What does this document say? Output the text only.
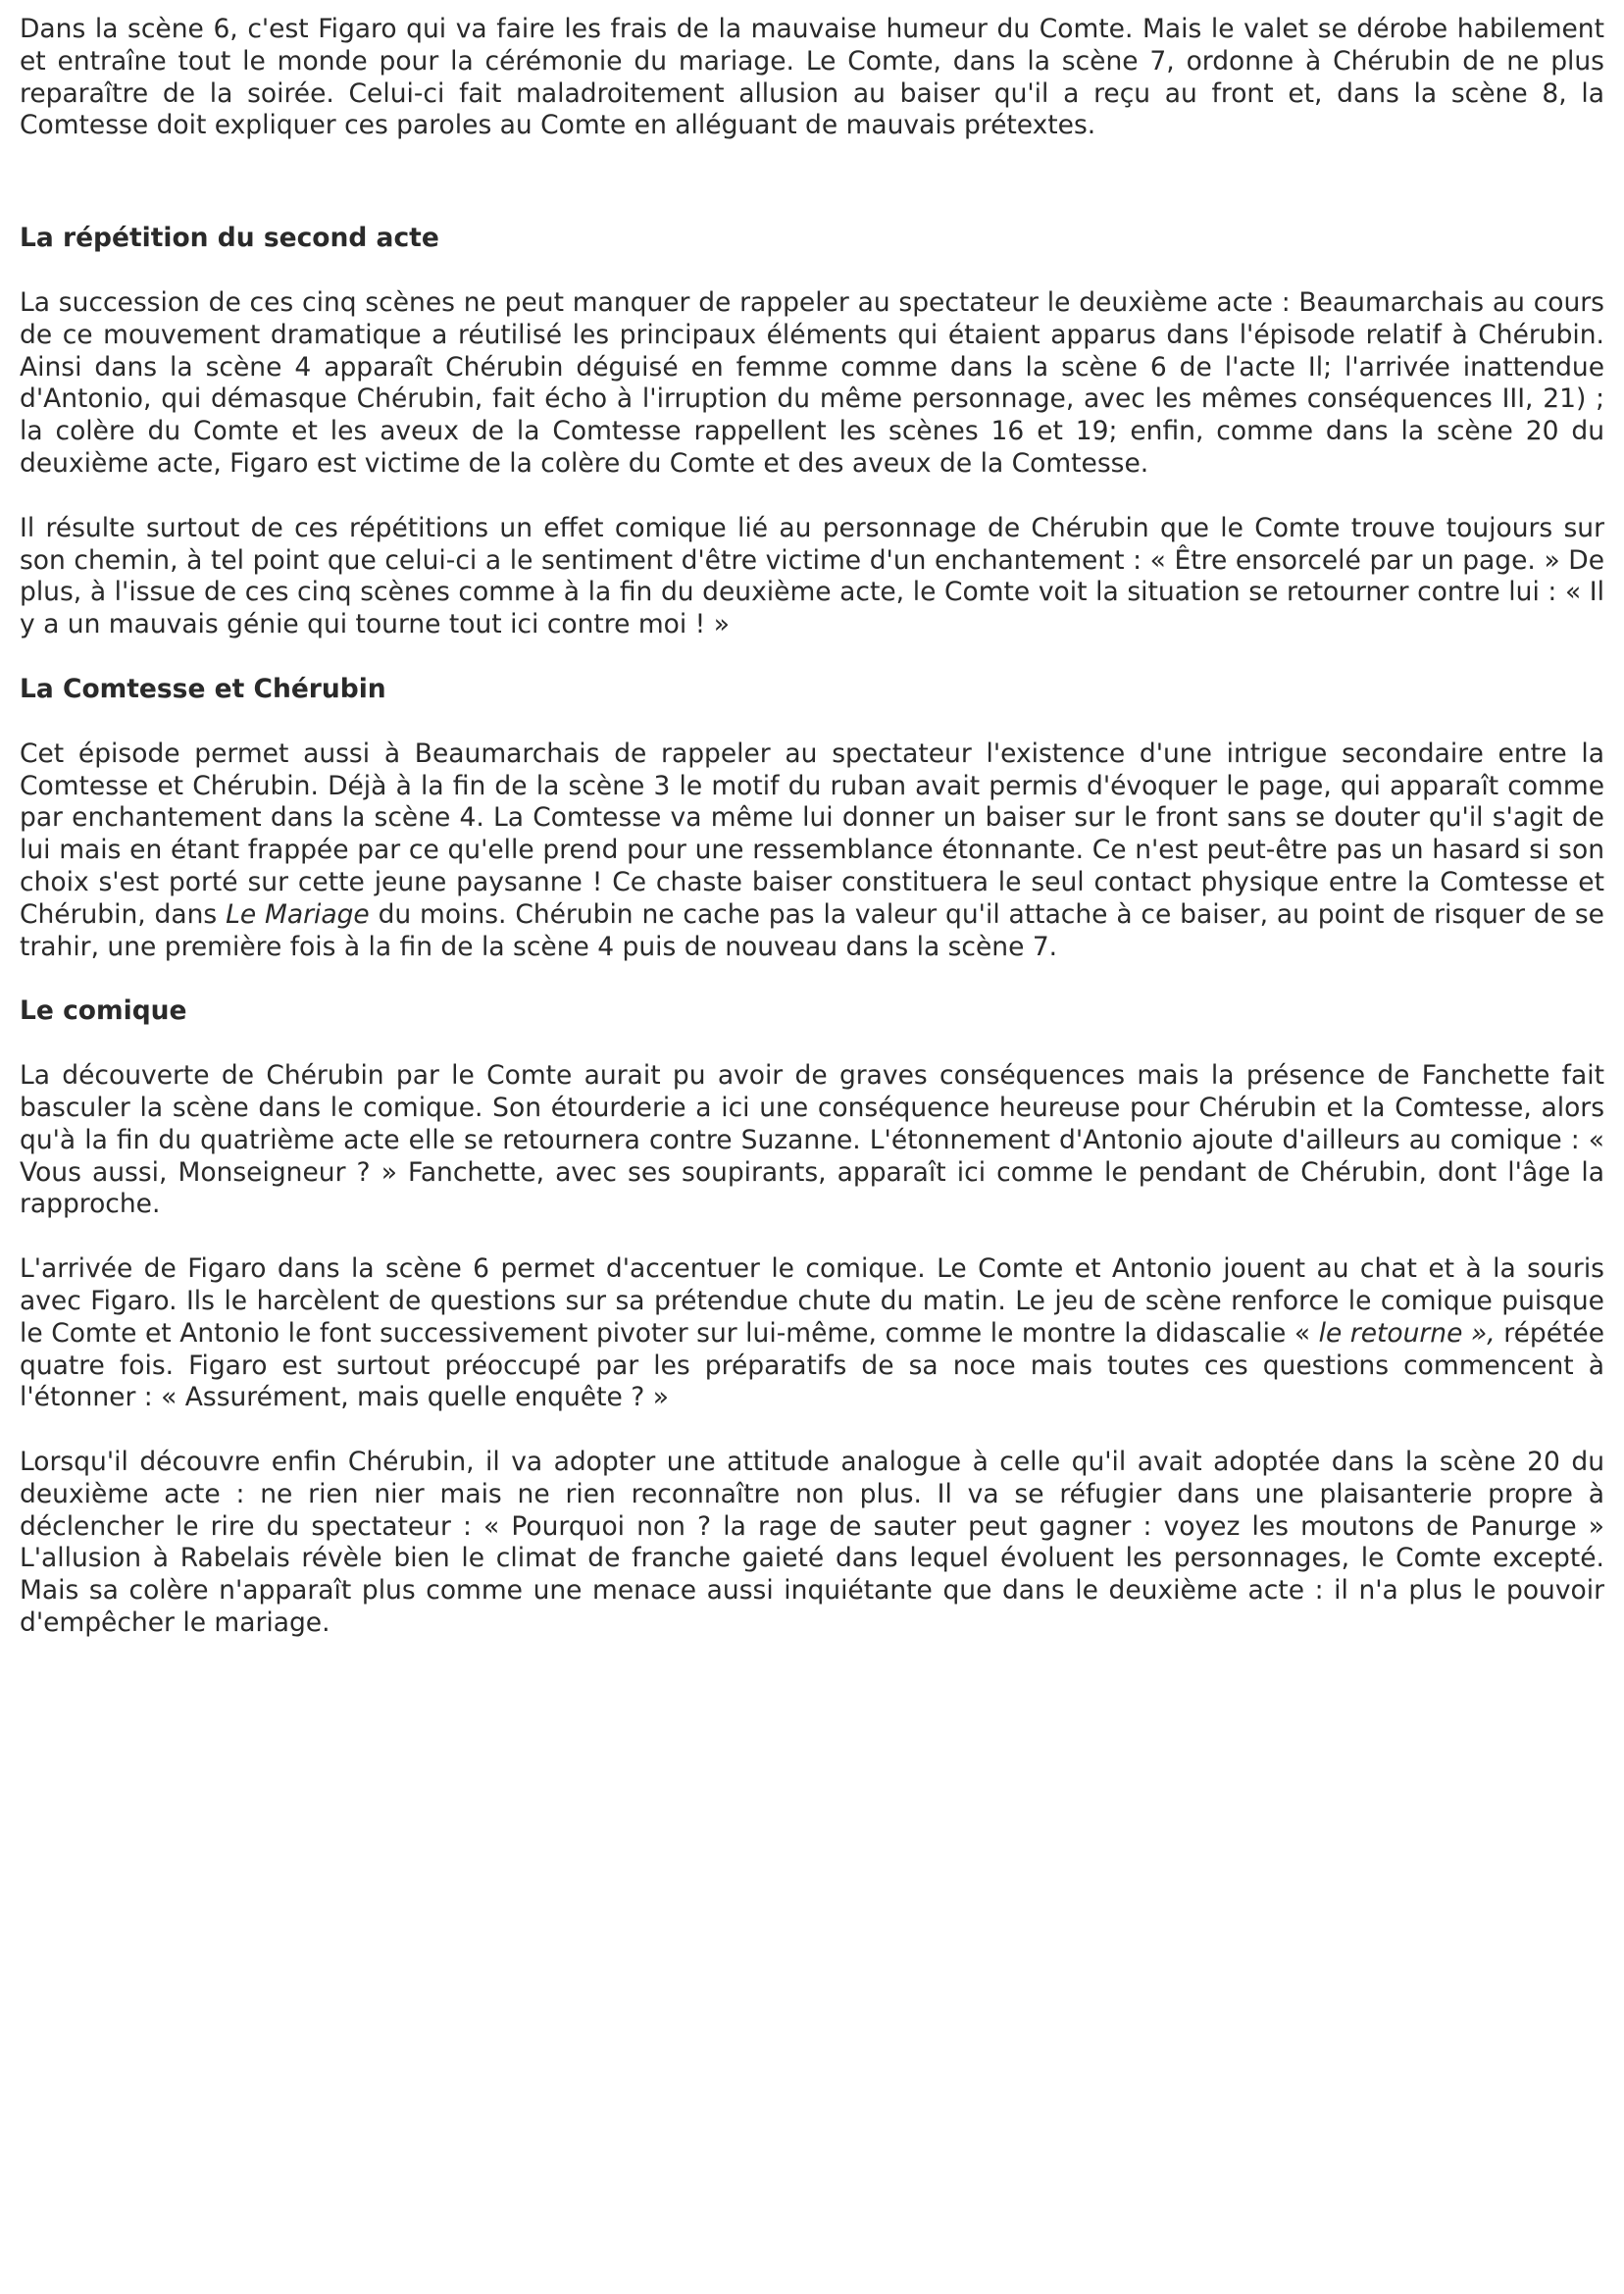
Dans la scène 6, c'est Figaro qui va faire les frais de la mauvaise humeur du Comte. Mais le valet se dérobe habilement et entraîne tout le monde pour la cérémonie du mariage. Le Comte, dans la scène 7, ordonne à Chérubin de ne plus reparaître de la soirée. Celui-ci fait maladroitement allusion au baiser qu'il a reçu au front et, dans la scène 8, la Comtesse doit expliquer ces paroles au Comte en alléguant de mauvais prétextes.

La répétition du second acte

La succession de ces cinq scènes ne peut manquer de rappeler au spectateur le deuxième acte : Beaumarchais au cours de ce mouvement dramatique a réutilisé les principaux éléments qui étaient apparus dans l'épisode relatif à Chérubin. Ainsi dans la scène 4 apparaît Chérubin déguisé en femme comme dans la scène 6 de l'acte Il; l'arrivée inattendue d'Antonio, qui démasque Chérubin, fait écho à l'irruption du même personnage, avec les mêmes conséquences III, 21) ; la colère du Comte et les aveux de la Comtesse rappellent les scènes 16 et 19; enfin, comme dans la scène 20 du deuxième acte, Figaro est victime de la colère du Comte et des aveux de la Comtesse.

Il résulte surtout de ces répétitions un effet comique lié au personnage de Chérubin que le Comte trouve toujours sur son chemin, à tel point que celui-ci a le sentiment d'être victime d'un enchantement : « Être ensorcelé par un page. » De plus, à l'issue de ces cinq scènes comme à la fin du deuxième acte, le Comte voit la situation se retourner contre lui : « Il y a un mauvais génie qui tourne tout ici contre moi ! »

La Comtesse et Chérubin

Cet épisode permet aussi à Beaumarchais de rappeler au spectateur l'existence d'une intrigue secondaire entre la Comtesse et Chérubin. Déjà à la fin de la scène 3 le motif du ruban avait permis d'évoquer le page, qui apparaît comme par enchantement dans la scène 4. La Comtesse va même lui donner un baiser sur le front sans se douter qu'il s'agit de lui mais en étant frappée par ce qu'elle prend pour une ressemblance étonnante. Ce n'est peut-être pas un hasard si son choix s'est porté sur cette jeune paysanne ! Ce chaste baiser constituera le seul contact physique entre la Comtesse et Chérubin, dans Le Mariage du moins. Chérubin ne cache pas la valeur qu'il attache à ce baiser, au point de risquer de se trahir, une première fois à la fin de la scène 4 puis de nouveau dans la scène 7.

Le comique

La découverte de Chérubin par le Comte aurait pu avoir de graves conséquences mais la présence de Fanchette fait basculer la scène dans le comique. Son étourderie a ici une conséquence heureuse pour Chérubin et la Comtesse, alors qu'à la fin du quatrième acte elle se retournera contre Suzanne. L'étonnement d'Antonio ajoute d'ailleurs au comique : « Vous aussi, Monseigneur ? » Fanchette, avec ses soupirants, apparaît ici comme le pendant de Chérubin, dont l'âge la rapproche.

L'arrivée de Figaro dans la scène 6 permet d'accentuer le comique. Le Comte et Antonio jouent au chat et à la souris avec Figaro. Ils le harcèlent de questions sur sa prétendue chute du matin. Le jeu de scène renforce le comique puisque le Comte et Antonio le font successivement pivoter sur lui-même, comme le montre la didascalie « le retourne », répétée quatre fois. Figaro est surtout préoccupé par les préparatifs de sa noce mais toutes ces questions commencent à l'étonner : « Assurément, mais quelle enquête ? »

Lorsqu'il découvre enfin Chérubin, il va adopter une attitude analogue à celle qu'il avait adoptée dans la scène 20 du deuxième acte : ne rien nier mais ne rien reconnaître non plus. Il va se réfugier dans une plaisanterie propre à déclencher le rire du spectateur : « Pourquoi non ? la rage de sauter peut gagner : voyez les moutons de Panurge » L'allusion à Rabelais révèle bien le climat de franche gaieté dans lequel évoluent les personnages, le Comte excepté. Mais sa colère n'apparaît plus comme une menace aussi inquiétante que dans le deuxième acte : il n'a plus le pouvoir d'empêcher le mariage.
